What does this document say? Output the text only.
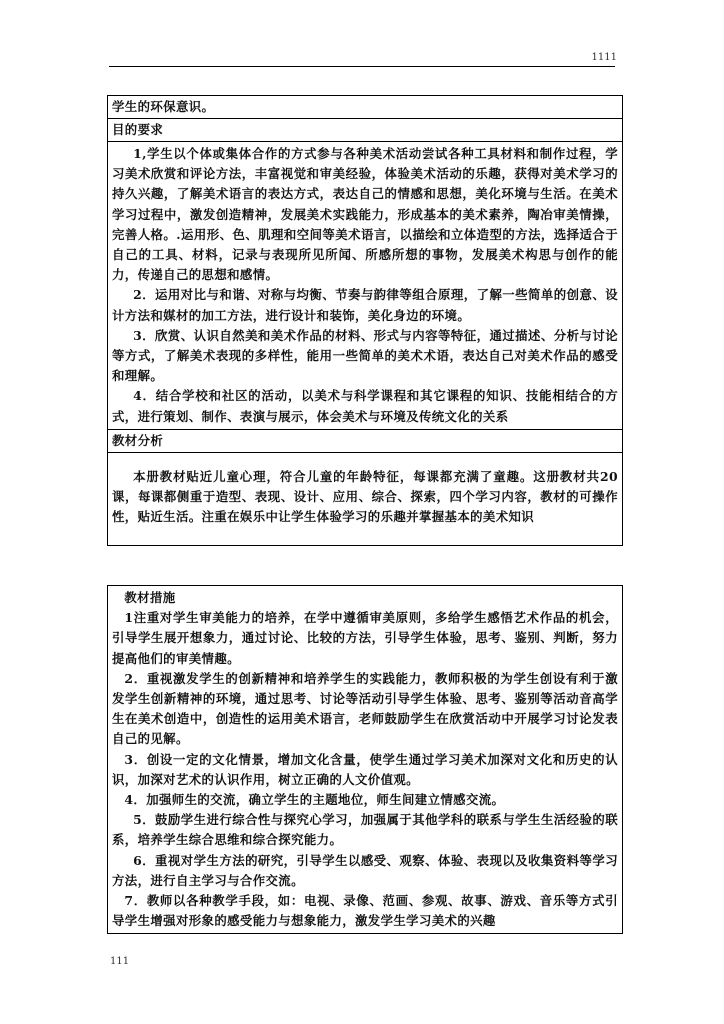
1111
学生的环保意识。
目的要求

1,学生以个体或集体合作的方式参与各种美术活动尝试各种工具材料和制作过程，学习美术欣赏和评论方法，丰富视觉和审美经验，体验美术活动的乐趣，获得对美术学习的持久兴趣，了解美术语言的表达方式，表达自己的情感和思想，美化环境与生活。在美术学习过程中，激发创造精神，发展美术实践能力，形成基本的美术素养，陶冶审美情操，完善人格。.运用形、色、肌理和空间等美术语言，以描绘和立体造型的方法，选择适合于自己的工具、材料，记录与表现所见所闻、所感所想的事物，发展美术构思与创作的能力，传递自己的思想和感情。

2．运用对比与和谐、对称与均衡、节奏与韵律等组合原理，了解一些简单的创意、设计方法和媒材的加工方法，进行设计和装饰，美化身边的环境。

3．欣赏、认识自然美和美术作品的材料、形式与内容等特征，通过描述、分析与讨论等方式，了解美术表现的多样性，能用一些简单的美术术语，表达自己对美术作品的感受和理解。

4．结合学校和社区的活动，以美术与科学课程和其它课程的知识、技能相结合的方式，进行策划、制作、表演与展示，体会美术与环境及传统文化的关系

教材分析

本册教材贴近儿童心理，符合儿童的年龄特征，每课都充满了童趣。这册教材共20课，每课都侧重于造型、表现、设计、应用、综合、探索，四个学习内容，教材的可操作性，贴近生活。注重在娱乐中让学生体验学习的乐趣并掌握基本的美术知识

教材措施

1注重对学生审美能力的培养，在学中遵循审美原则，多给学生感悟艺术作品的机会，引导学生展开想象力，通过讨论、比较的方法，引导学生体验，思考、鉴别、判断，努力提高他们的审美情趣。

2．重视激发学生的创新精神和培养学生的实践能力，教师积极的为学生创设有利于激发学生创新精神的环境，通过思考、讨论等活动引导学生体验、思考、鉴别等活动音高学生在美术创造中，创造性的运用美术语言，老师鼓励学生在欣赏活动中开展学习讨论发表自己的见解。

3．创设一定的文化情景，增加文化含量，使学生通过学习美术加深对文化和历史的认识，加深对艺术的认识作用，树立正确的人文价值观。

4．加强师生的交流，确立学生的主题地位，师生间建立情感交流。

5．鼓励学生进行综合性与探究心学习，加强属于其他学科的联系与学生生活经验的联系，培养学生综合思维和综合探究能力。

6．重视对学生方法的研究，引导学生以感受、观察、体验、表现以及收集资料等学习方法，进行自主学习与合作交流。

7．教师以各种教学手段，如：电视、录像、范画、参观、故事、游戏、音乐等方式引导学生增强对形象的感受能力与想象能力，激发学生学习美术的兴趣

111
